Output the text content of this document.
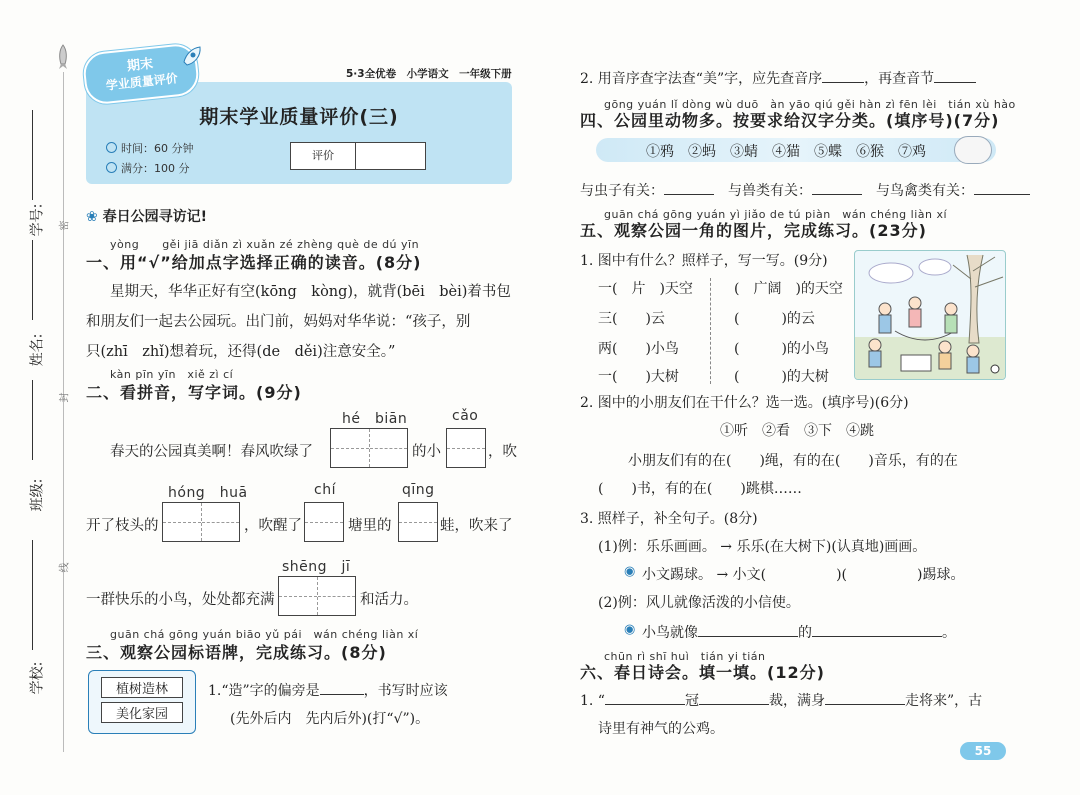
学号:	密
姓名:
封
班级:
线
学校:
期末
学业质量评价	5·3全优卷　小学语文　一年级下册
期末学业质量评价(三)
时间：60 分钟
满分：100 分
评价
❀ 春日公园寻访记!
yòng　　gěi jiā diǎn zì xuǎn zé zhèng què de dú yīn
一、用“√”给加点字选择正确的读音。(8分)
星期天，华华正好有空(kōng　kòng)，就背(bēi　bèi)着书包
和朋友们一起去公园玩。出门前，妈妈对华华说：“孩子，别
只(zhī　zhǐ)想着玩，还得(de　děi)注意安全。”
kàn pīn yīn　xiě zì cí
二、看拼音，写字词。(9分)
hé　biān	cǎo
春天的公园真美啊！春风吹绿了	的小	，吹
hóng　huā	chí	qīng
开了枝头的	，吹醒了	塘里的	蛙，吹来了
shēng　jī
一群快乐的小鸟，处处都充满	和活力。
guān chá gōng yuán biāo yǔ pái　wán chéng liàn xí
三、观察公园标语牌，完成练习。(8分)
植树造林
美化家园
1.“造”字的偏旁是	，书写时应该
(先外后内　先内后外)(打“√”)。
2. 用音序查字法查“美”字，应先查音序	，再查音节
gōng yuán lǐ dòng wù duō　àn yāo qiú gěi hàn zì fēn lèi　tián xù hào
四、公园里动物多。按要求给汉字分类。(填序号)(7分)
①鸦　②蚂　③蜻　④猫　⑤蝶　⑥猴　⑦鸡
与虫子有关：	与兽类有关：	与鸟禽类有关：
guān chá gōng yuán yì jiǎo de tú piàn　wán chéng liàn xí
五、观察公园一角的图片，完成练习。(23分)
1. 图中有什么？照样子，写一写。(9分)
一(　片　)天空	(　广阔　)的天空
三(　　)云	(　　　)的云
两(　　)小鸟	(　　　)的小鸟
一(　　)大树	(　　　)的大树
2. 图中的小朋友们在干什么？选一选。(填序号)(6分)
①听　②看　③下　④跳
小朋友们有的在(　　)绳，有的在(　　)音乐，有的在
(　　)书，有的在(　　)跳棋……
3. 照样子，补全句子。(8分)
(1)例：乐乐画画。 → 乐乐(在大树下)(认真地)画画。
◉ 小文踢球。 → 小文(　　　　　)(　　　　　)踢球。
(2)例：风儿就像活泼的小信使。
◉ 小鸟就像	的	。
chūn rì shī huì　tián yi tián
六、春日诗会。填一填。(12分)
1. “	冠	裁，满身	走将来”，古
诗里有神气的公鸡。
55
